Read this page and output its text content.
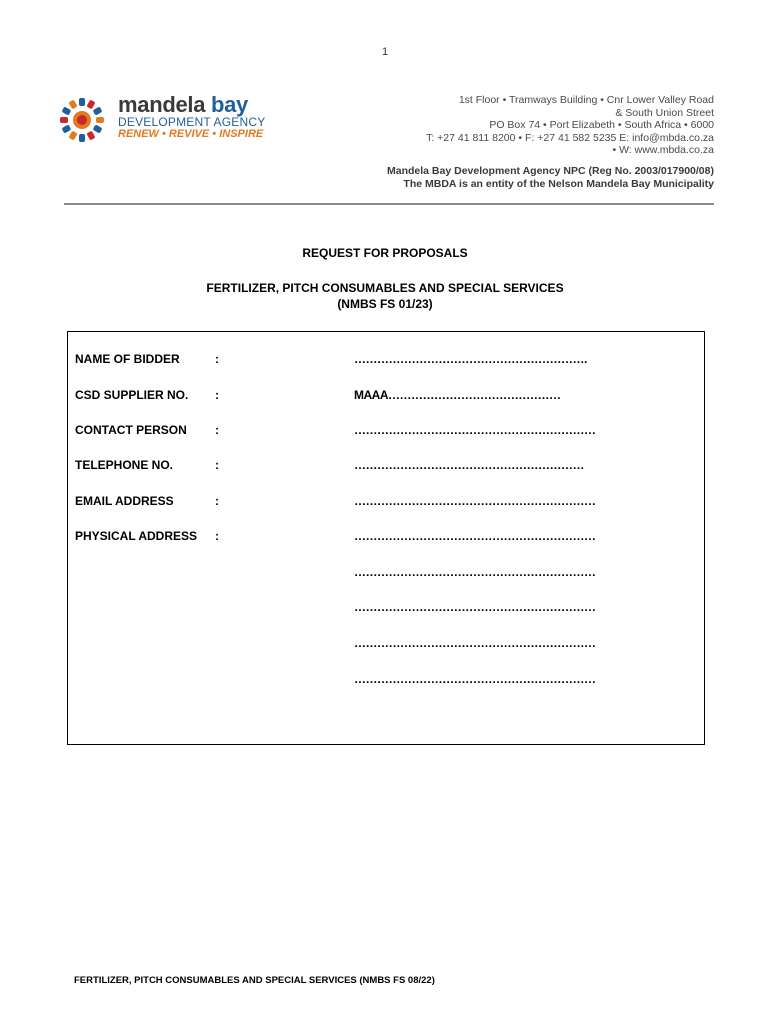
1
mandela bay
DEVELOPMENT AGENCY
RENEW • REVIVE • INSPIRE
1st Floor • Tramways Building • Cnr Lower Valley Road
& South Union Street
PO Box 74 • Port Elizabeth • South Africa • 6000
T: +27 41 811 8200 • F: +27 41 582 5235 E: info@mbda.co.za
• W: www.mbda.co.za
Mandela Bay Development Agency NPC (Reg No. 2003/017900/08)
The MBDA is an entity of the Nelson Mandela Bay Municipality
REQUEST FOR PROPOSALS
FERTILIZER, PITCH CONSUMABLES AND SPECIAL SERVICES
(NMBS FS 01/23)
NAME OF BIDDER	:	…………………………………………………….
CSD SUPPLIER NO. :	MAAA………………………………………
CONTACT PERSON :	………………………………………………………
TELEPHONE NO.	:	……………………………………………………
EMAIL ADDRESS	:	………………………………………………………
PHYSICAL ADDRESS :	………………………………………………………
………………………………………………………
………………………………………………………
………………………………………………………
………………………………………………………
FERTILIZER, PITCH CONSUMABLES AND SPECIAL SERVICES (NMBS FS 08/22)
